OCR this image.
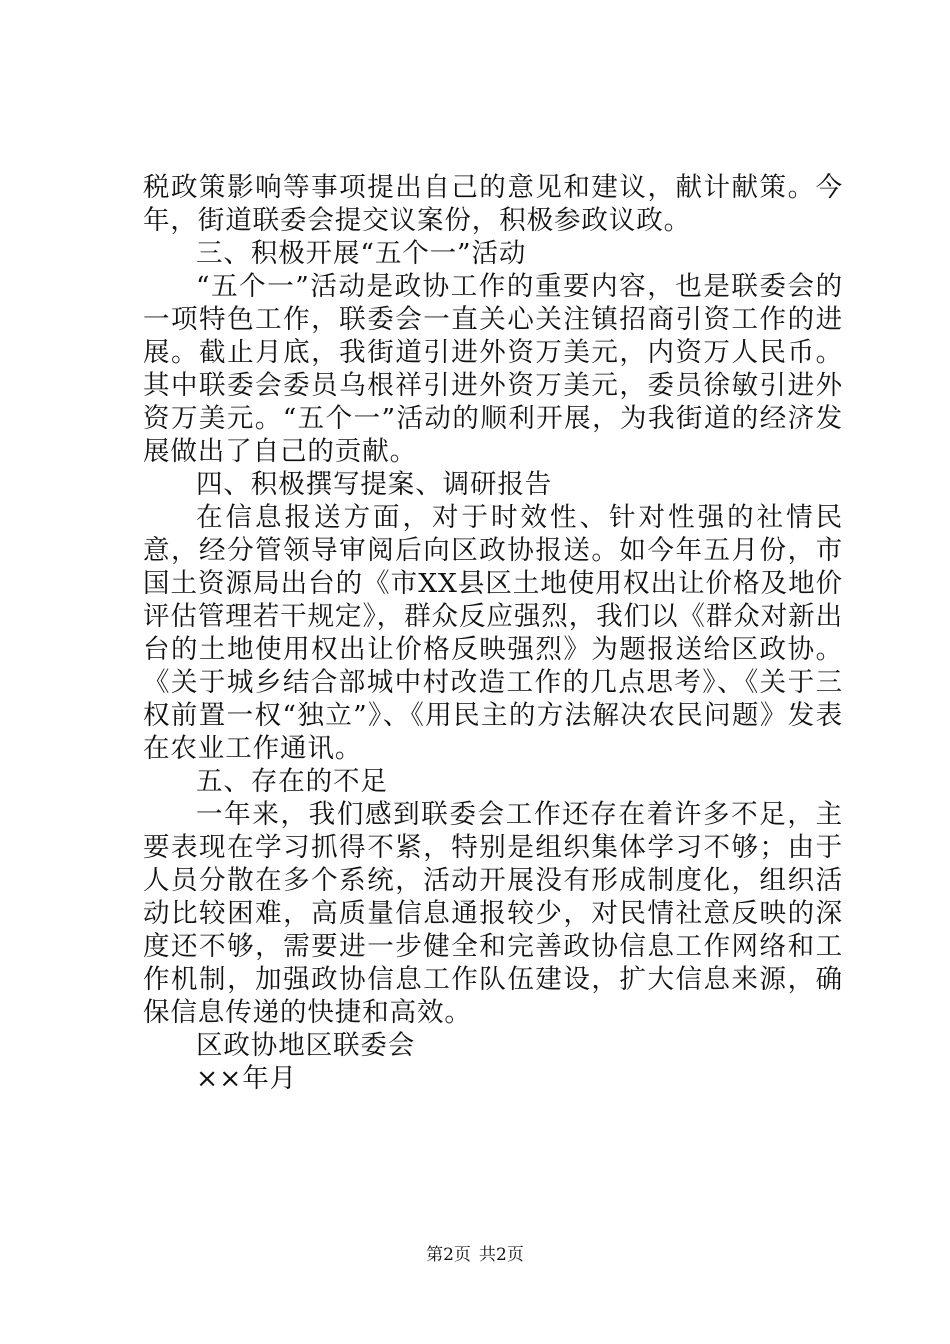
税政策影响等事项提出自己的意见和建议，献计献策。今年，街道联委会提交议案份，积极参政议政。

三、积极开展“五个一”活动

“五个一”活动是政协工作的重要内容，也是联委会的一项特色工作，联委会一直关心关注镇招商引资工作的进展。截止月底，我街道引进外资万美元，内资万人民币。其中联委会委员乌根祥引进外资万美元，委员徐敏引进外资万美元。“五个一”活动的顺利开展，为我街道的经济发展做出了自己的贡献。

四、积极撰写提案、调研报告

在信息报送方面，对于时效性、针对性强的社情民意，经分管领导审阅后向区政协报送。如今年五月份，市国土资源局出台的《市XX县区土地使用权出让价格及地价评估管理若干规定》，群众反应强烈，我们以《群众对新出台的土地使用权出让价格反映强烈》为题报送给区政协。《关于城乡结合部城中村改造工作的几点思考》、《关于三权前置一权“独立”》、《用民主的方法解决农民问题》发表在农业工作通讯。

五、存在的不足

一年来，我们感到联委会工作还存在着许多不足，主要表现在学习抓得不紧，特别是组织集体学习不够；由于人员分散在多个系统，活动开展没有形成制度化，组织活动比较困难，高质量信息通报较少，对民情社意反映的深度还不够，需要进一步健全和完善政协信息工作网络和工作机制，加强政协信息工作队伍建设，扩大信息来源，确保信息传递的快捷和高效。

区政协地区联委会

××年月

第2页 共2页
